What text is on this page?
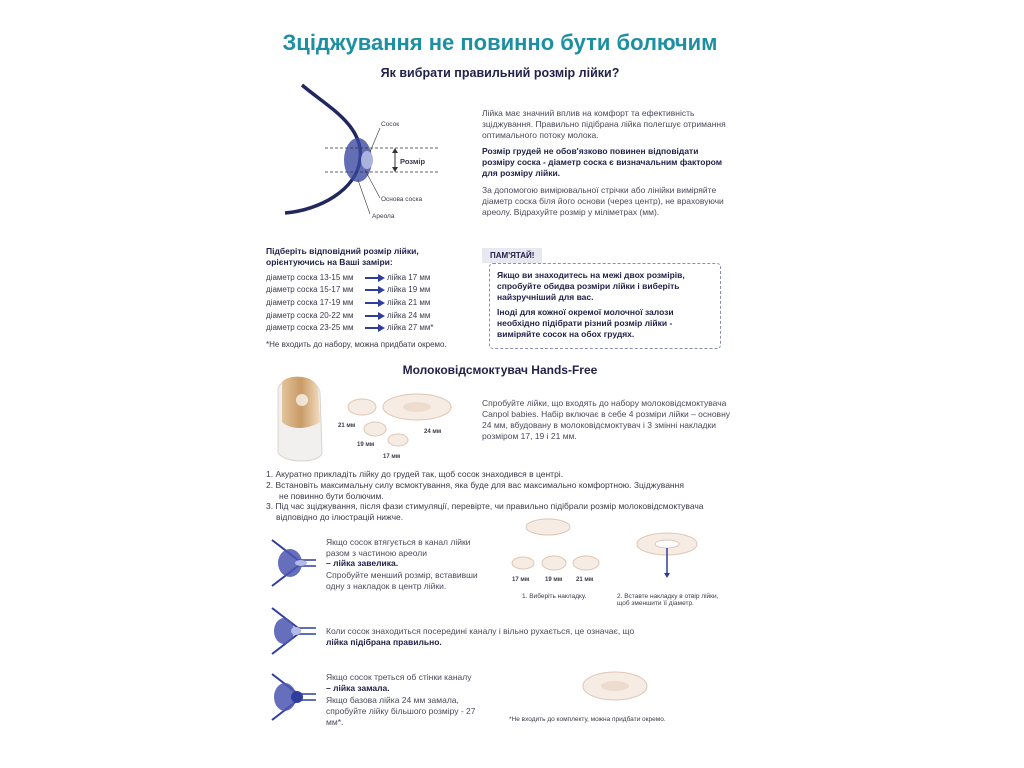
Зціджування не повинно бути болючим
Як вибрати правильний розмір лійки?
Сосок
Розмір
Основа соска
Ареола
Лійка має значний вплив на комфорт та ефективність зціджування. Правильно підібрана лійка полегшує отримання оптимального потоку молока.
Розмір грудей не обов'язково повинен відповідати розміру соска - діаметр соска є визначальним фактором для розміру лійки.
За допомогою вимірювальної стрічки або лінійки виміряйте діаметр соска біля його основи (через центр), не враховуючи ареолу. Відрахуйте розмір у міліметрах (мм).
Підберіть відповідний розмір лійки, орієнтуючись на Ваші заміри:
діаметр соска 13-15 мм	лійка 17 мм
діаметр соска 15-17 мм	лійка 19 мм
діаметр соска 17-19 мм	лійка 21 мм
діаметр соска 20-22 мм	лійка 24 мм
діаметр соска 23-25 мм	лійка 27 мм*
*Не входить до набору, можна придбати окремо.
ПАМ'ЯТАЙ!
Якщо ви знаходитесь на межі двох розмірів, спробуйте обидва розміри лійки і виберіть найзручніший для вас.
Іноді для кожної окремої молочної залози необхідно підібрати різний розмір лійки - виміряйте сосок на обох грудях.
Молоковідсмоктувач Hands-Free
21 мм
24 мм
19 мм
17 мм
Спробуйте лійки, що входять до набору молоковідсмоктувача Canpol babies. Набір включає в себе 4 розміри лійки – основну 24 мм, вбудовану в молоковідсмоктувач і 3 змінні накладки розміром 17, 19 і 21 мм.
1. Акуратно прикладіть лійку до грудей так, щоб сосок знаходився в центрі.
2. Встановіть максимальну силу всмоктування, яка буде для вас максимально комфортною. Зціджування
не повинно бути болючим.
3. Під час зціджування, після фази стимуляції, перевірте, чи правильно підібрали розмір молоковідсмоктувача
відповідно до ілюстрацій нижче.
Якщо сосок втягується в канал лійки разом з частиною ареоли
– лійка завелика.
Спробуйте менший розмір, вставивши одну з накладок в центр лійки.
17 мм	19 мм 21 мм
1. Виберіть накладку.	2. Вставте накладку в отвір лійки, щоб зменшити її діаметр.
Коли сосок знаходиться посередині каналу і вільно рухається, це означає, що
лійка підібрана правильно.
Якщо сосок треться об стінки каналу
– лійка замала.
Якщо базова лійка 24 мм замала, спробуйте лійку більшого розміру - 27 мм*.	*Не входить до комплекту, можна придбати окремо.
